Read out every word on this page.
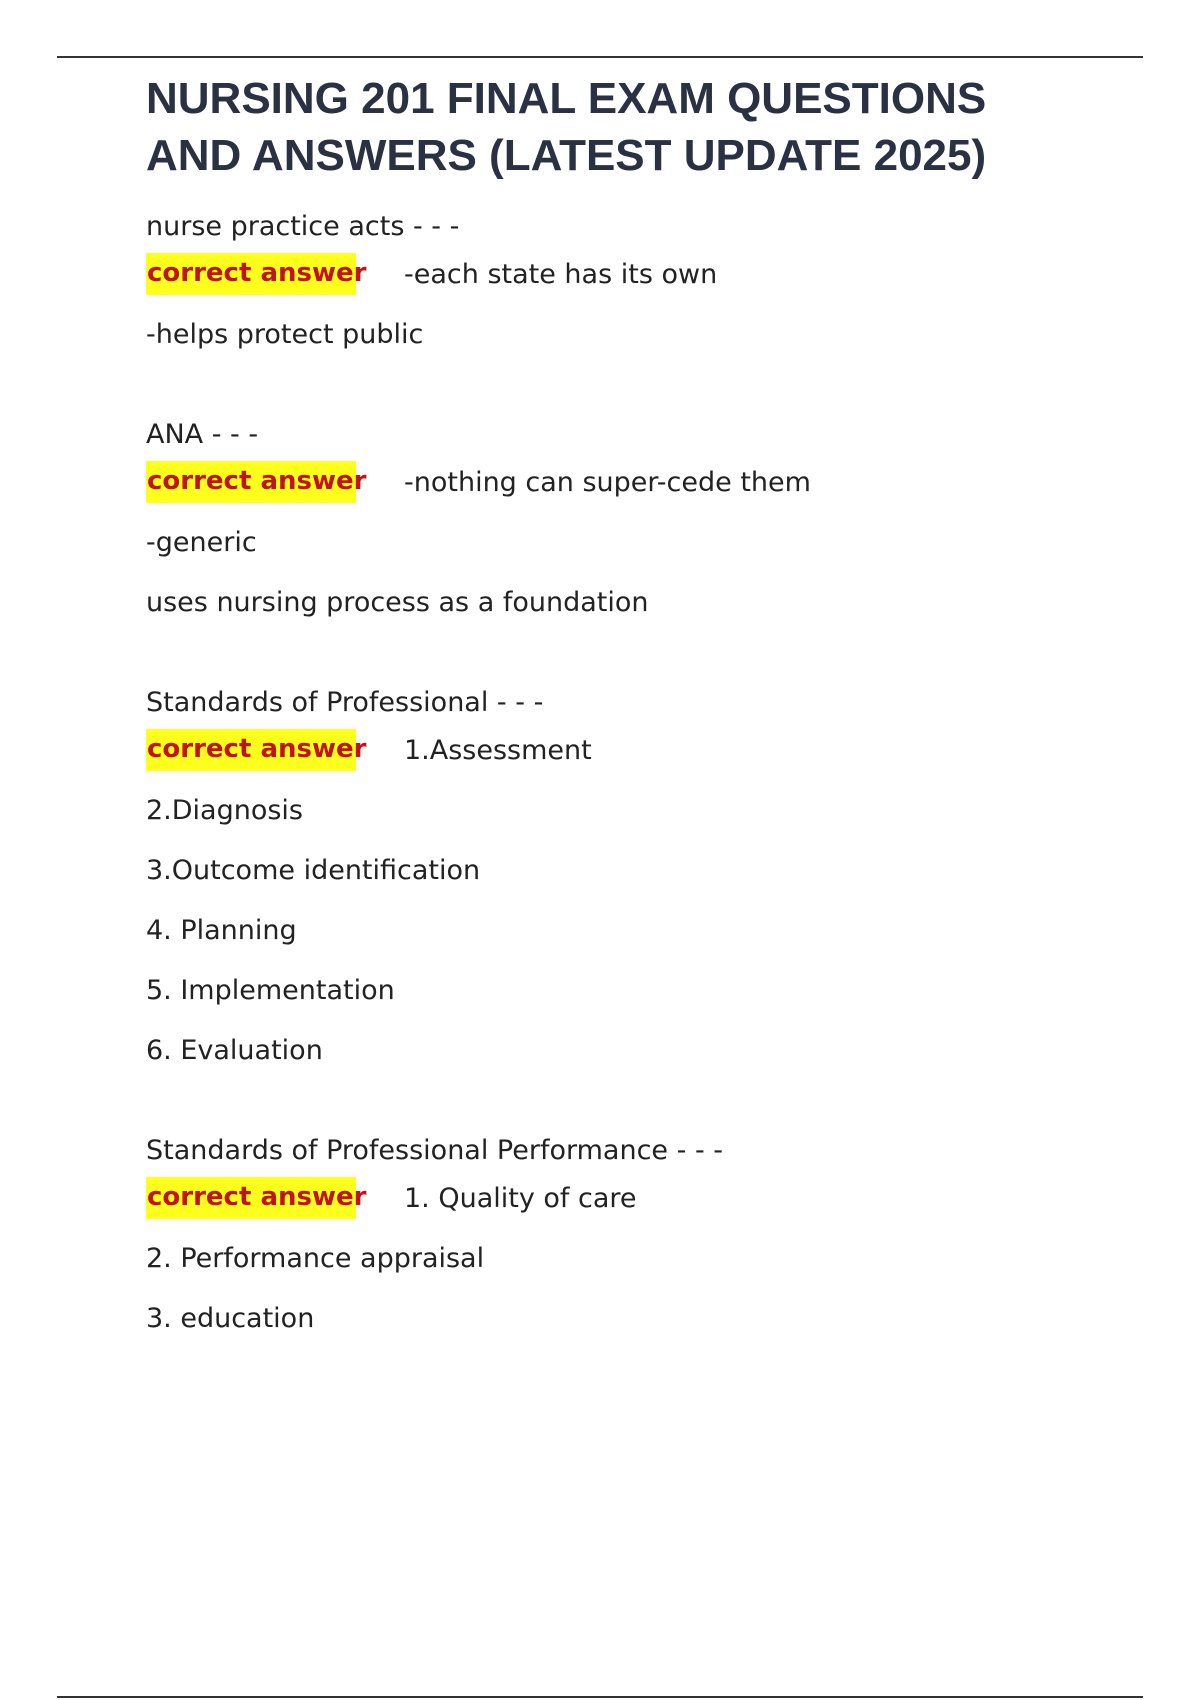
NURSING 201 FINAL EXAM QUESTIONS
AND ANSWERS (LATEST UPDATE 2025)
nurse practice acts - - -
correct answer -each state has its own
-helps protect public
ANA - - -
correct answer -nothing can super-cede them
-generic
uses nursing process as a foundation
Standards of Professional - - -
correct answer 1.Assessment
2.Diagnosis
3.Outcome identification
4. Planning
5. Implementation
6. Evaluation
Standards of Professional Performance - - -
correct answer 1. Quality of care
2. Performance appraisal
3. education
